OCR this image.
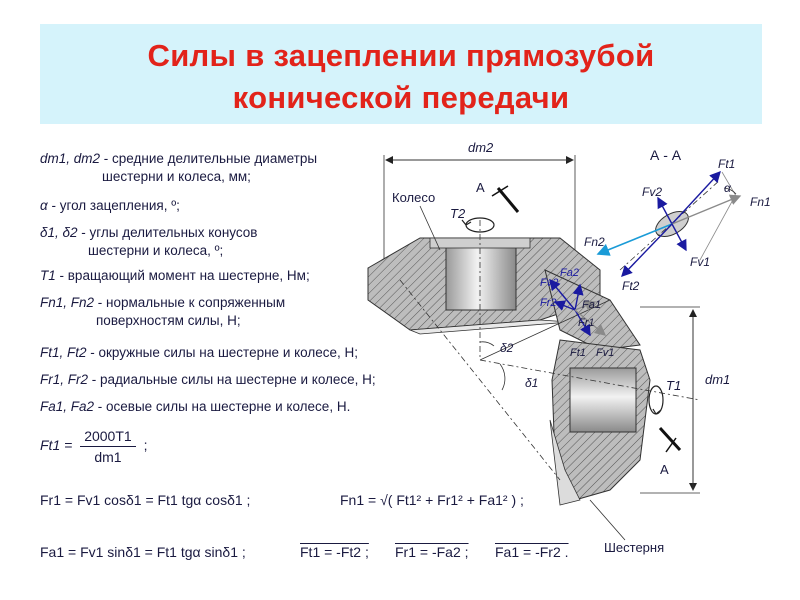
Силы в зацеплении прямозубой
конической передачи
dm1, dm2 - средние делительные диаметры
шестерни и колеса, мм;
α - угол зацепления, º;
δ1, δ2 - углы делительных конусов
шестерни и колеса, º;
T1 - вращающий момент на шестерне, Нм;
Fn1, Fn2 - нормальные к сопряженным
поверхностям силы, Н;
Ft1, Ft2 - окружные силы на шестерне и колесе, Н;
Fr1, Fr2 - радиальные силы на шестерне и колесе, Н;
Fa1, Fa2 - осевые силы на шестерне и колесе, Н.
$Ft1 = \frac{2000T1}{dm1}$ ;
Fr1 = Fv1 cosδ1 = Ft1 tgα cosδ1 ;	Fn1 = √( Ft1² + Fr1² + Fa1² ) ;
Fa1 = Fv1 sinδ1 = Ft1 tgα sinδ1 ;	Ft1 = -Ft2 ; Fr1 = -Fa2 ; Fa1 = -Fr2 .
dm2
Колесо
Шестерня
δ2
δ1	dm1
А
А
T2
T1
А - А
Ft1
α
Fn1
Fv2
Fn2
Fv1
Ft2
Fv2
Fa2
Fr2 Fa1
Fr1
Ft1 Fv1
